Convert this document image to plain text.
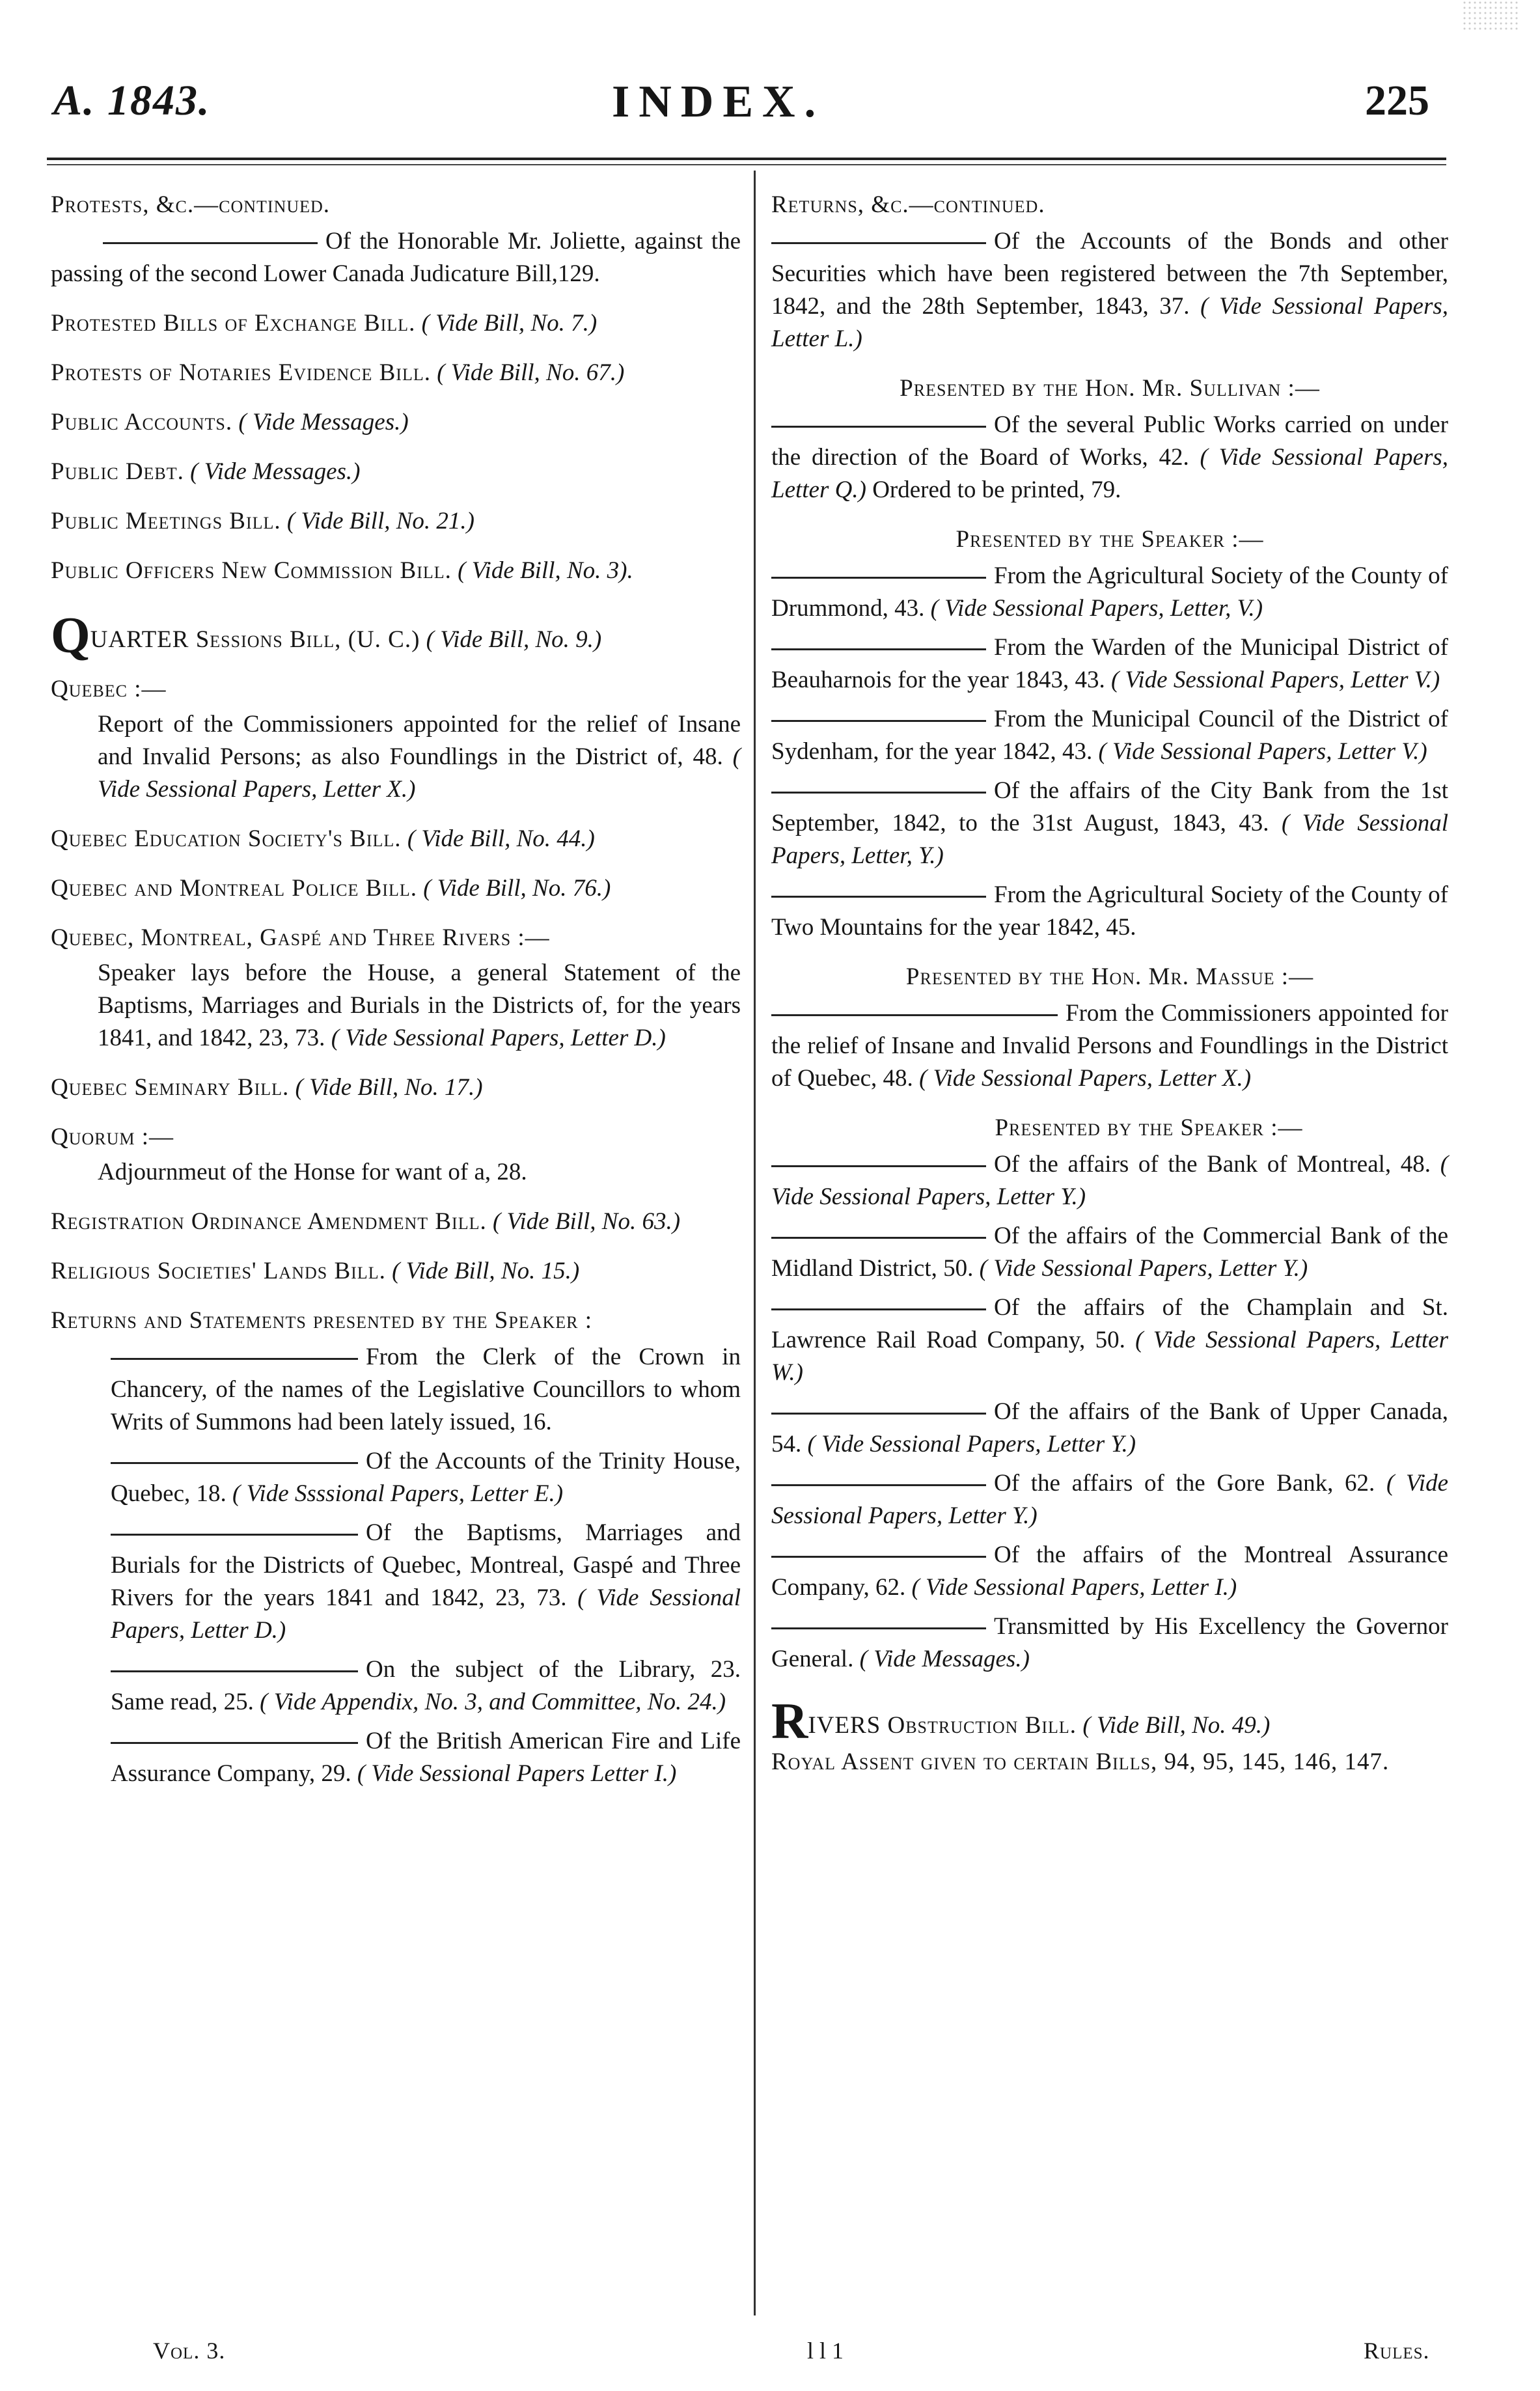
A. 1843.	INDEX.	225
Protests, &c.—continued.
Of the Honorable Mr. Joliette, against the passing of the second Lower Canada Judicature Bill,129.
Protested Bills of Exchange Bill. ( Vide Bill, No. 7.)
Protests of Notaries Evidence Bill. ( Vide Bill, No. 67.)
Public Accounts. ( Vide Messages.)
Public Debt. ( Vide Messages.)
Public Meetings Bill. ( Vide Bill, No. 21.)
Public Officers New Commission Bill. ( Vide Bill, No. 3).
QUARTER Sessions Bill, (U. C.) ( Vide Bill, No. 9.)
Quebec :—
Report of the Commissioners appointed for the relief of Insane and Invalid Persons; as also Foundlings in the District of, 48. ( Vide Sessional Papers, Letter X.)
Quebec Education Society's Bill. ( Vide Bill, No. 44.)
Quebec and Montreal Police Bill. ( Vide Bill, No. 76.)
Quebec, Montreal, Gaspé and Three Rivers :—
Speaker lays before the House, a general Statement of the Baptisms, Marriages and Burials in the Districts of, for the years 1841, and 1842, 23, 73. ( Vide Sessional Papers, Letter D.)
Quebec Seminary Bill. ( Vide Bill, No. 17.)
Quorum :—
Adjournmeut of the Honse for want of a, 28.
Registration Ordinance Amendment Bill. ( Vide Bill, No. 63.)
Religious Societies' Lands Bill. ( Vide Bill, No. 15.)
Returns and Statements presented by the Speaker :
From the Clerk of the Crown in Chancery, of the names of the Legislative Councillors to whom Writs of Summons had been lately issued, 16.
Of the Accounts of the Trinity House, Quebec, 18. ( Vide Ssssional Papers, Letter E.)
Of the Baptisms, Marriages and Burials for the Districts of Quebec, Montreal, Gaspé and Three Rivers for the years 1841 and 1842, 23, 73. ( Vide Sessional Papers, Letter D.)
On the subject of the Library, 23. Same read, 25. ( Vide Appendix, No. 3, and Committee, No. 24.)
Of the British American Fire and Life Assurance Company, 29. ( Vide Sessional Papers Letter I.)
Returns, &c.—continued.
Of the Accounts of the Bonds and other Securities which have been registered between the 7th September, 1842, and the 28th September, 1843, 37. ( Vide Sessional Papers, Letter L.)
Presented by the Hon. Mr. Sullivan :—
Of the several Public Works carried on under the direction of the Board of Works, 42. ( Vide Sessional Papers, Letter Q.) Ordered to be printed, 79.
Presented by the Speaker :—
From the Agricultural Society of the County of Drummond, 43. ( Vide Sessional Papers, Letter, V.)
From the Warden of the Municipal District of Beauharnois for the year 1843, 43. ( Vide Sessional Papers, Letter V.)
From the Municipal Council of the District of Sydenham, for the year 1842, 43. ( Vide Sessional Papers, Letter V.)
Of the affairs of the City Bank from the 1st September, 1842, to the 31st August, 1843, 43. ( Vide Sessional Papers, Letter, Y.)
From the Agricultural Society of the County of Two Mountains for the year 1842, 45.
Presented by the Hon. Mr. Massue :—
From the Commissioners appointed for the relief of Insane and Invalid Persons and Foundlings in the District of Quebec, 48. ( Vide Sessional Papers, Letter X.)
Presented by the Speaker :—
Of the affairs of the Bank of Montreal, 48. ( Vide Sessional Papers, Letter Y.)
Of the affairs of the Commercial Bank of the Midland District, 50. ( Vide Sessional Papers, Letter Y.)
Of the affairs of the Champlain and St. Lawrence Rail Road Company, 50. ( Vide Sessional Papers, Letter W.)
Of the affairs of the Bank of Upper Canada, 54. ( Vide Sessional Papers, Letter Y.)
Of the affairs of the Gore Bank, 62. ( Vide Sessional Papers, Letter Y.)
Of the affairs of the Montreal Assurance Company, 62. ( Vide Sessional Papers, Letter I.)
Transmitted by His Excellency the Governor General. ( Vide Messages.)
RIVERS Obstruction Bill. ( Vide Bill, No. 49.)
Royal Assent given to certain Bills, 94, 95, 145, 146, 147.
Vol. 3.	l l 1	Rules.
